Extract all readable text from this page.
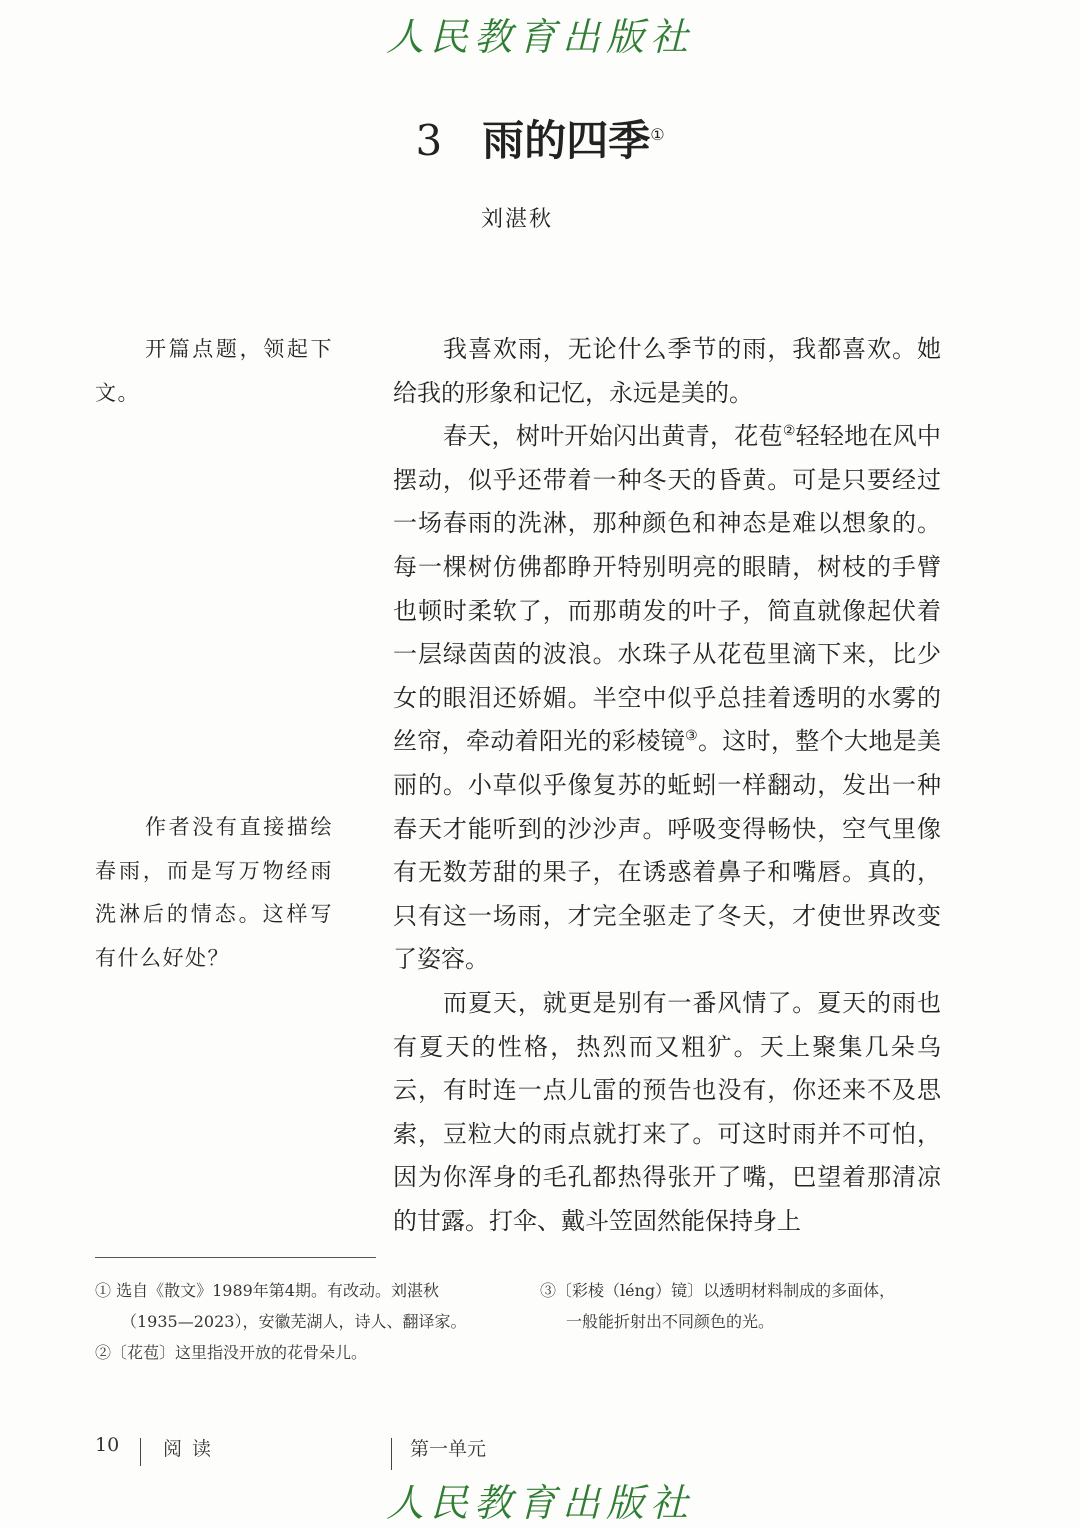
人民教育出版社
3 雨的四季①
刘湛秋
开篇点题，领起下文。
作者没有直接描绘春雨，而是写万物经雨洗淋后的情态。这样写有什么好处？

我喜欢雨，无论什么季节的雨，我都喜欢。她给我的形象和记忆，永远是美的。

春天，树叶开始闪出黄青，花苞②轻轻地在风中摆动，似乎还带着一种冬天的昏黄。可是只要经过一场春雨的洗淋，那种颜色和神态是难以想象的。每一棵树仿佛都睁开特别明亮的眼睛，树枝的手臂也顿时柔软了，而那萌发的叶子，简直就像起伏着一层绿茵茵的波浪。水珠子从花苞里滴下来，比少女的眼泪还娇媚。半空中似乎总挂着透明的水雾的丝帘，牵动着阳光的彩棱镜③。这时，整个大地是美丽的。小草似乎像复苏的蚯蚓一样翻动，发出一种春天才能听到的沙沙声。呼吸变得畅快，空气里像有无数芳甜的果子，在诱惑着鼻子和嘴唇。真的，只有这一场雨，才完全驱走了冬天，才使世界改变了姿容。

而夏天，就更是别有一番风情了。夏天的雨也有夏天的性格，热烈而又粗犷。天上聚集几朵乌云，有时连一点儿雷的预告也没有，你还来不及思索，豆粒大的雨点就打来了。可这时雨并不可怕，因为你浑身的毛孔都热得张开了嘴，巴望着那清凉的甘露。打伞、戴斗笠固然能保持身上

① 选自《散文》1989年第4期。有改动。刘湛秋
（1935—2023），安徽芜湖人，诗人、翻译家。
②〔花苞〕这里指没开放的花骨朵儿。
③〔彩棱（léng）镜〕以透明材料制成的多面体，
一般能折射出不同颜色的光。
10 阅读	第一单元
人民教育出版社
